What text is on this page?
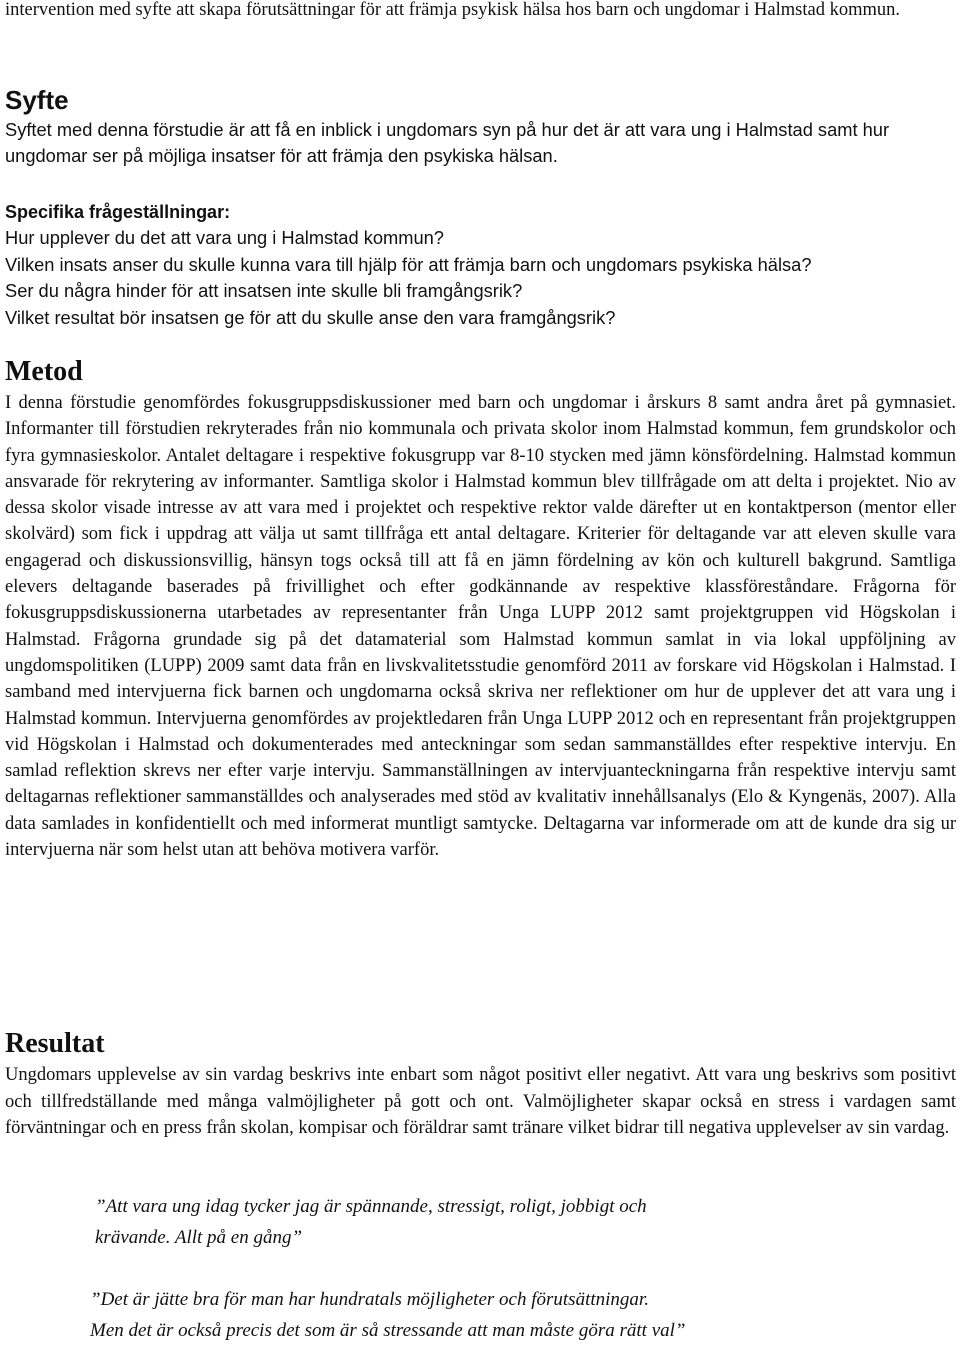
intervention med syfte att skapa förutsättningar för att främja psykisk hälsa hos barn och ungdomar i Halmstad kommun.

Syfte

Syftet med denna förstudie är att få en inblick i ungdomars syn på hur det är att vara ung i Halmstad samt hur ungdomar ser på möjliga insatser för att främja den psykiska hälsan.

Specifika frågeställningar:
Hur upplever du det att vara ung i Halmstad kommun?
Vilken insats anser du skulle kunna vara till hjälp för att främja barn och ungdomars psykiska hälsa?
Ser du några hinder för att insatsen inte skulle bli framgångsrik?
Vilket resultat bör insatsen ge för att du skulle anse den vara framgångsrik?
Metod

I denna förstudie genomfördes fokusgruppsdiskussioner med barn och ungdomar i årskurs 8 samt andra året på gymnasiet. Informanter till förstudien rekryterades från nio kommunala och privata skolor inom Halmstad kommun, fem grundskolor och fyra gymnasieskolor. Antalet deltagare i respektive fokusgrupp var 8-10 stycken med jämn könsfördelning. Halmstad kommun ansvarade för rekrytering av informanter. Samtliga skolor i Halmstad kommun blev tillfrågade om att delta i projektet. Nio av dessa skolor visade intresse av att vara med i projektet och respektive rektor valde därefter ut en kontaktperson (mentor eller skolvärd) som fick i uppdrag att välja ut samt tillfråga ett antal deltagare. Kriterier för deltagande var att eleven skulle vara engagerad och diskussionsvillig, hänsyn togs också till att få en jämn fördelning av kön och kulturell bakgrund. Samtliga elevers deltagande baserades på frivillighet och efter godkännande av respektive klassföreståndare. Frågorna för fokusgruppsdiskussionerna utarbetades av representanter från Unga LUPP 2012 samt projektgruppen vid Högskolan i Halmstad. Frågorna grundade sig på det datamaterial som Halmstad kommun samlat in via lokal uppföljning av ungdomspolitiken (LUPP) 2009 samt data från en livskvalitetsstudie genomförd 2011 av forskare vid Högskolan i Halmstad. I samband med intervjuerna fick barnen och ungdomarna också skriva ner reflektioner om hur de upplever det att vara ung i Halmstad kommun. Intervjuerna genomfördes av projektledaren från Unga LUPP 2012 och en representant från projektgruppen vid Högskolan i Halmstad och dokumenterades med anteckningar som sedan sammanställdes efter respektive intervju. En samlad reflektion skrevs ner efter varje intervju. Sammanställningen av intervjuanteckningarna från respektive intervju samt deltagarnas reflektioner sammanställdes och analyserades med stöd av kvalitativ innehållsanalys (Elo & Kyngenäs, 2007). Alla data samlades in konfidentiellt och med informerat muntligt samtycke. Deltagarna var informerade om att de kunde dra sig ur intervjuerna när som helst utan att behöva motivera varför.

Resultat

Ungdomars upplevelse av sin vardag beskrivs inte enbart som något positivt eller negativt. Att vara ung beskrivs som positivt och tillfredställande med många valmöjligheter på gott och ont. Valmöjligheter skapar också en stress i vardagen samt förväntningar och en press från skolan, kompisar och föräldrar samt tränare vilket bidrar till negativa upplevelser av sin vardag.

”Att vara ung idag tycker jag är spännande, stressigt, roligt, jobbigt och
krävande. Allt på en gång”
”Det är jätte bra för man har hundratals möjligheter och förutsättningar.
Men det är också precis det som är så stressande att man måste göra rätt val”
